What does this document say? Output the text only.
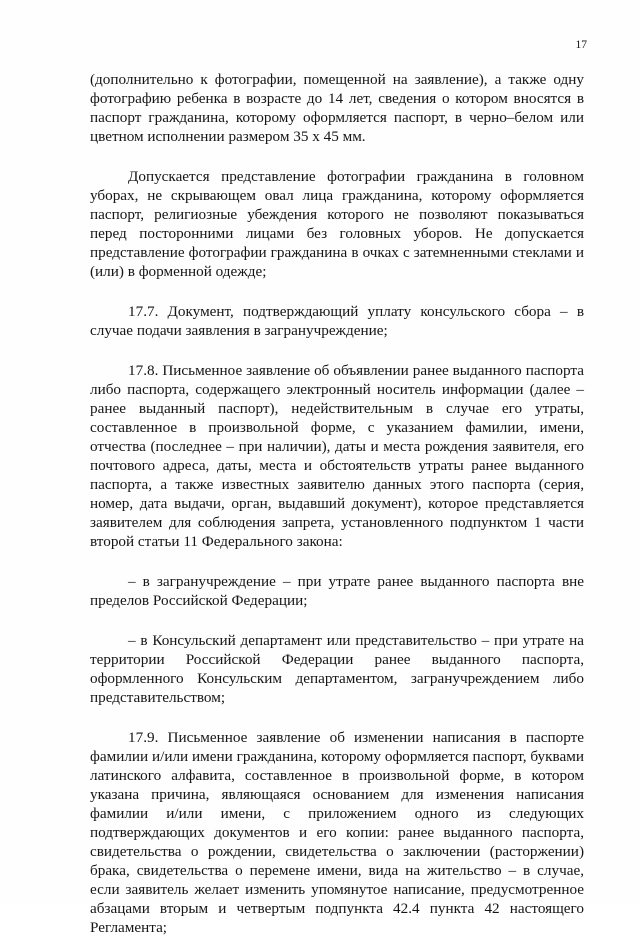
17

(дополнительно к фотографии, помещенной на заявление), а также одну фотографию ребенка в возрасте до 14 лет, сведения о котором вносятся в паспорт гражданина, которому оформляется паспорт, в черно–белом или цветном исполнении размером 35 х 45 мм.

Допускается представление фотографии гражданина в головном уборах, не скрывающем овал лица гражданина, которому оформляется паспорт, религиозные убеждения которого не позволяют показываться перед посторонними лицами без головных уборов. Не допускается представление фотографии гражданина в очках с затемненными стеклами и (или) в форменной одежде;

17.7. Документ, подтверждающий уплату консульского сбора – в случае подачи заявления в загранучреждение;

17.8. Письменное заявление об объявлении ранее выданного паспорта либо паспорта, содержащего электронный носитель информации (далее – ранее выданный паспорт), недействительным в случае его утраты, составленное в произвольной форме, с указанием фамилии, имени, отчества (последнее – при наличии), даты и места рождения заявителя, его почтового адреса, даты, места и обстоятельств утраты ранее выданного паспорта, а также известных заявителю данных этого паспорта (серия, номер, дата выдачи, орган, выдавший документ), которое представляется заявителем для соблюдения запрета, установленного подпунктом 1 части второй статьи 11 Федерального закона:

– в загранучреждение – при утрате ранее выданного паспорта вне пределов Российской Федерации;

– в Консульский департамент или представительство – при утрате на территории Российской Федерации ранее выданного паспорта, оформленного Консульским департаментом, загранучреждением либо представительством;

17.9. Письменное заявление об изменении написания в паспорте фамилии и/или имени гражданина, которому оформляется паспорт, буквами латинского алфавита, составленное в произвольной форме, в котором указана причина, являющаяся основанием для изменения написания фамилии и/или имени, с приложением одного из следующих подтверждающих документов и его копии: ранее выданного паспорта, свидетельства о рождении, свидетельства о заключении (расторжении) брака, свидетельства о перемене имени, вида на жительство – в случае, если заявитель желает изменить упомянутое написание, предусмотренное абзацами вторым и четвертым подпункта 42.4 пункта 42 настоящего Регламента;
